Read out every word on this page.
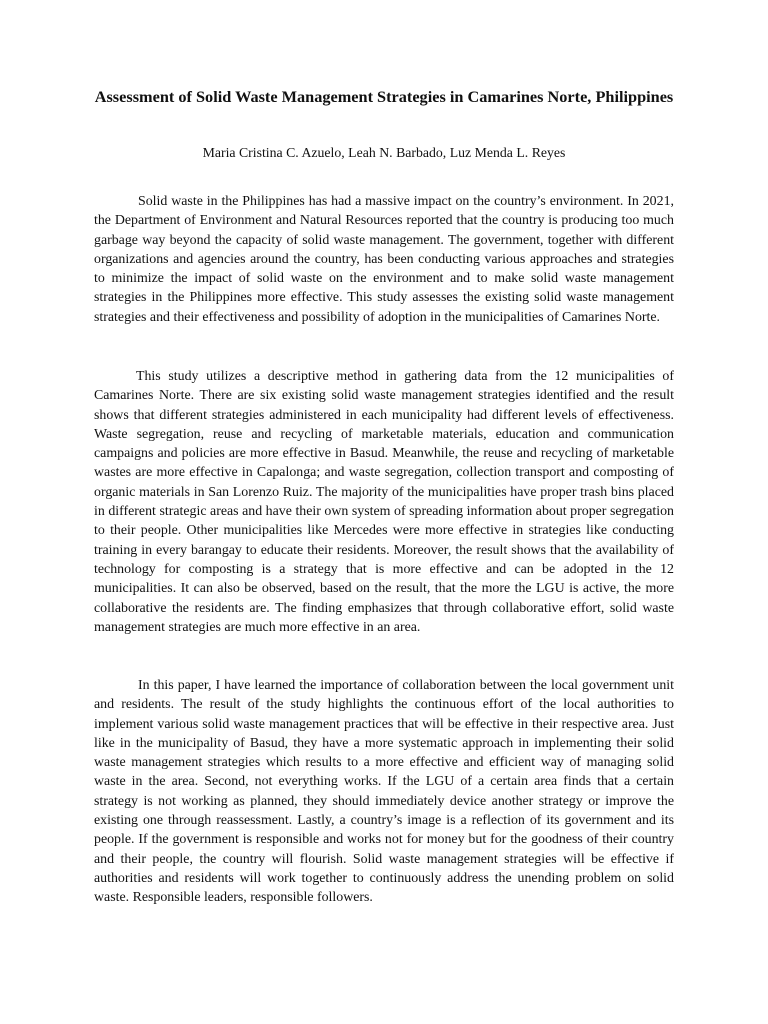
Assessment of Solid Waste Management Strategies in Camarines Norte, Philippines

Maria Cristina C. Azuelo, Leah N. Barbado, Luz Menda L. Reyes

Solid waste in the Philippines has had a massive impact on the country’s environment. In 2021, the Department of Environment and Natural Resources reported that the country is producing too much garbage way beyond the capacity of solid waste management. The government, together with different organizations and agencies around the country, has been conducting various approaches and strategies to minimize the impact of solid waste on the environment and to make solid waste management strategies in the Philippines more effective. This study assesses the existing solid waste management strategies and their effectiveness and possibility of adoption in the municipalities of Camarines Norte.

This study utilizes a descriptive method in gathering data from the 12 municipalities of Camarines Norte. There are six existing solid waste management strategies identified and the result shows that different strategies administered in each municipality had different levels of effectiveness. Waste segregation, reuse and recycling of marketable materials, education and communication campaigns and policies are more effective in Basud. Meanwhile, the reuse and recycling of marketable wastes are more effective in Capalonga; and waste segregation, collection transport and composting of organic materials in San Lorenzo Ruiz. The majority of the municipalities have proper trash bins placed in different strategic areas and have their own system of spreading information about proper segregation to their people. Other municipalities like Mercedes were more effective in strategies like conducting training in every barangay to educate their residents. Moreover, the result shows that the availability of technology for composting is a strategy that is more effective and can be adopted in the 12 municipalities. It can also be observed, based on the result, that the more the LGU is active, the more collaborative the residents are. The finding emphasizes that through collaborative effort, solid waste management strategies are much more effective in an area.

In this paper, I have learned the importance of collaboration between the local government unit and residents. The result of the study highlights the continuous effort of the local authorities to implement various solid waste management practices that will be effective in their respective area. Just like in the municipality of Basud, they have a more systematic approach in implementing their solid waste management strategies which results to a more effective and efficient way of managing solid waste in the area. Second, not everything works. If the LGU of a certain area finds that a certain strategy is not working as planned, they should immediately device another strategy or improve the existing one through reassessment. Lastly, a country’s image is a reflection of its government and its people. If the government is responsible and works not for money but for the goodness of their country and their people, the country will flourish. Solid waste management strategies will be effective if authorities and residents will work together to continuously address the unending problem on solid waste. Responsible leaders, responsible followers.
